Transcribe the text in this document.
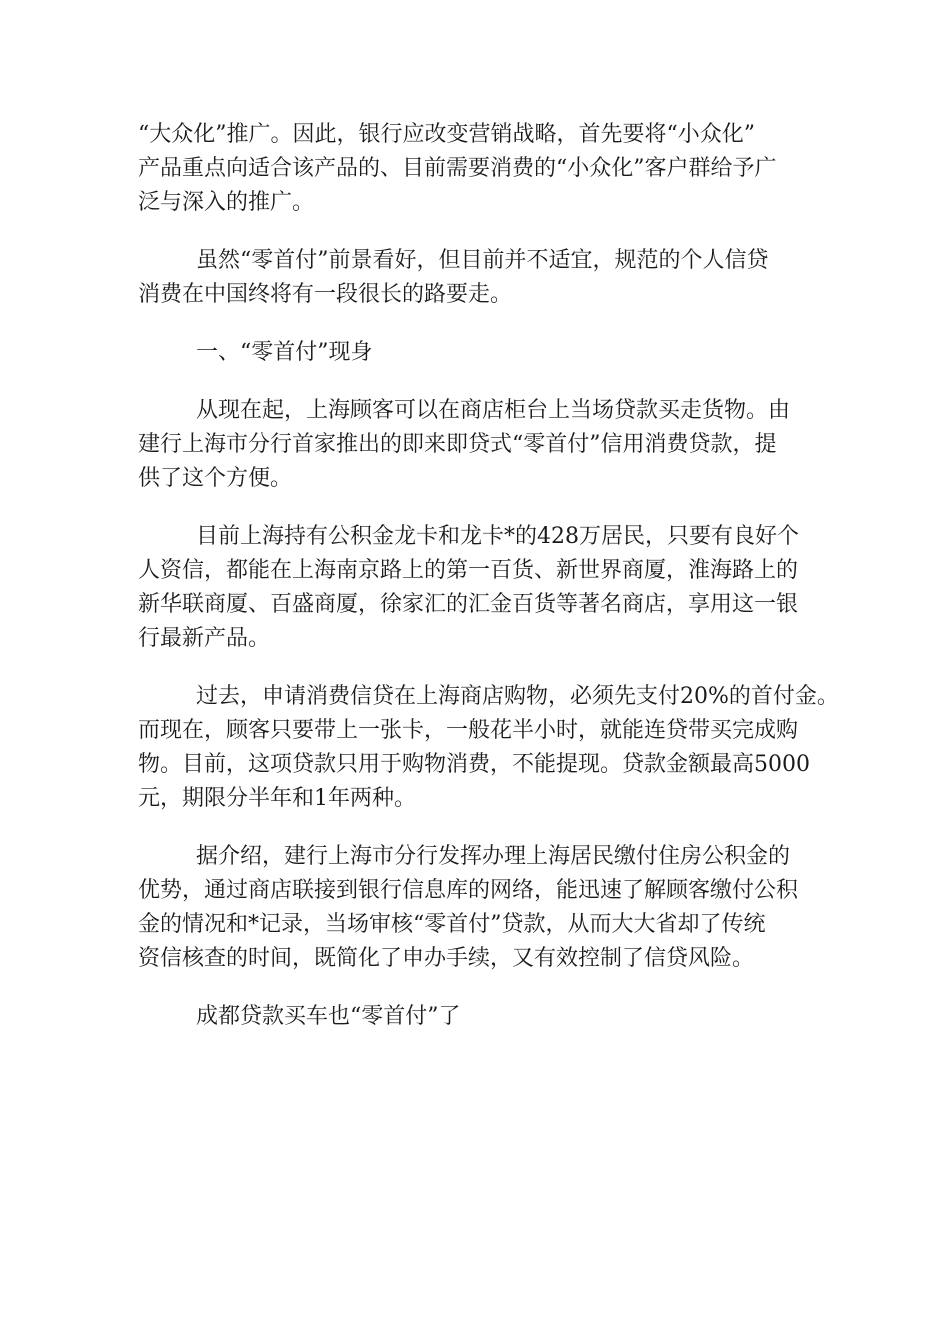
“大众化”推广。因此，银行应改变营销战略，首先要将“小众化”
产品重点向适合该产品的、目前需要消费的“小众化”客户群给予广
泛与深入的推广。
虽然“零首付”前景看好，但目前并不适宜，规范的个人信贷
消费在中国终将有一段很长的路要走。
一、“零首付”现身
从现在起，上海顾客可以在商店柜台上当场贷款买走货物。由
建行上海市分行首家推出的即来即贷式“零首付”信用消费贷款，提
供了这个方便。
目前上海持有公积金龙卡和龙卡*的428万居民，只要有良好个
人资信，都能在上海南京路上的第一百货、新世界商厦，淮海路上的
新华联商厦、百盛商厦，徐家汇的汇金百货等著名商店，享用这一银
行最新产品。
过去，申请消费信贷在上海商店购物，必须先支付20%的首付金。
而现在，顾客只要带上一张卡，一般花半小时，就能连贷带买完成购
物。目前，这项贷款只用于购物消费，不能提现。贷款金额最高5000
元，期限分半年和1年两种。
据介绍，建行上海市分行发挥办理上海居民缴付住房公积金的
优势，通过商店联接到银行信息库的网络，能迅速了解顾客缴付公积
金的情况和*记录，当场审核“零首付”贷款，从而大大省却了传统
资信核查的时间，既简化了申办手续，又有效控制了信贷风险。
成都贷款买车也“零首付”了
